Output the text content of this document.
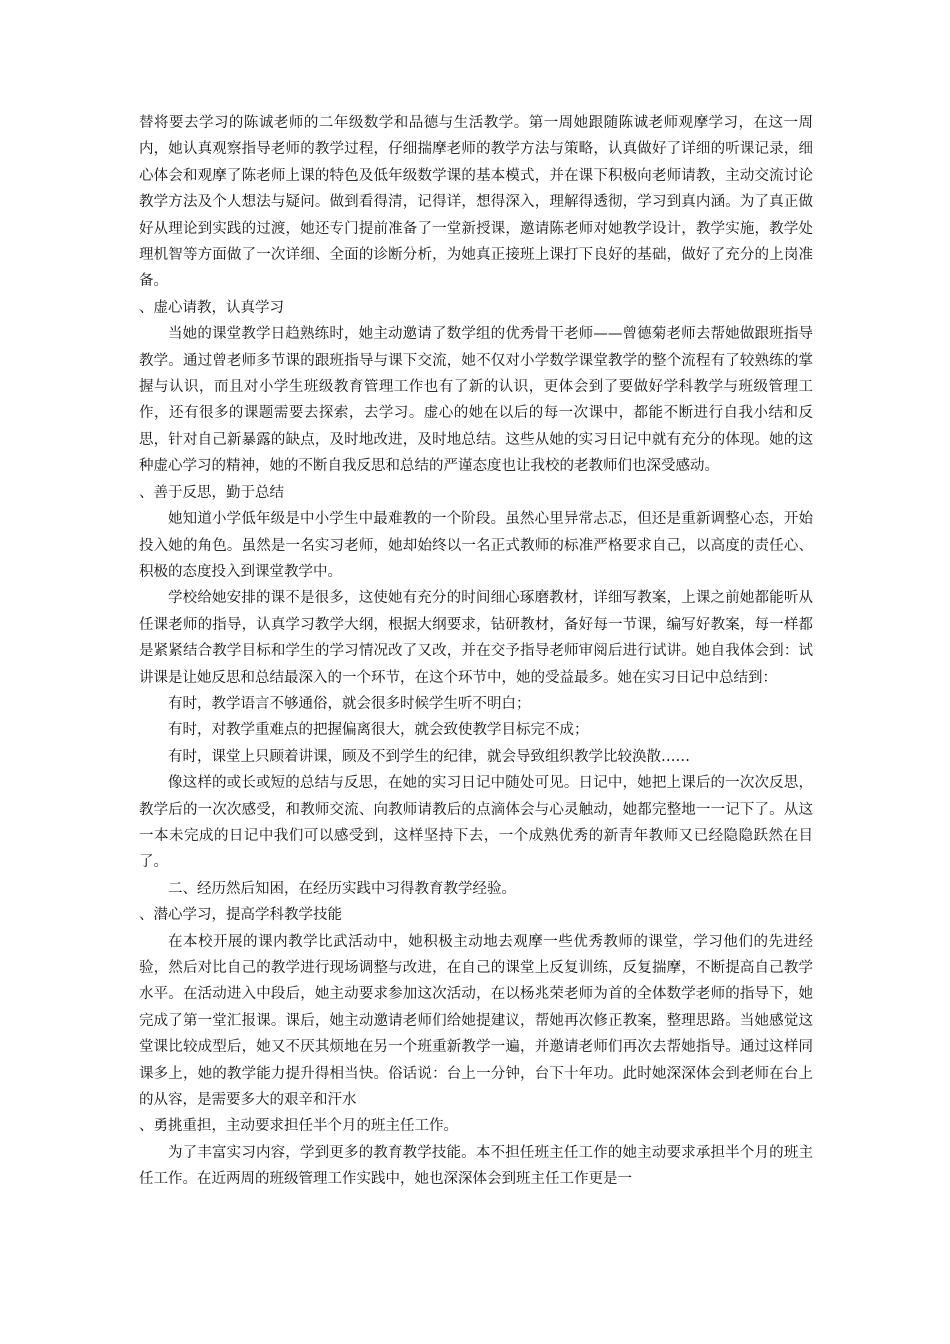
替将要去学习的陈诚老师的二年级数学和品德与生活教学。第一周她跟随陈诚老师观摩学习，在这一周内，她认真观察指导老师的教学过程，仔细揣摩老师的教学方法与策略，认真做好了详细的听课记录，细心体会和观摩了陈老师上课的特色及低年级数学课的基本模式，并在课下积极向老师请教，主动交流讨论教学方法及个人想法与疑问。做到看得清，记得详，想得深入，理解得透彻，学习到真内涵。为了真正做好从理论到实践的过渡，她还专门提前准备了一堂新授课，邀请陈老师对她教学设计，教学实施，教学处理机智等方面做了一次详细、全面的诊断分析，为她真正接班上课打下良好的基础，做好了充分的上岗准备。

、虚心请教，认真学习

当她的课堂教学日趋熟练时，她主动邀请了数学组的优秀骨干老师——曾德菊老师去帮她做跟班指导教学。通过曾老师多节课的跟班指导与课下交流，她不仅对小学数学课堂教学的整个流程有了较熟练的掌握与认识，而且对小学生班级教育管理工作也有了新的认识，更体会到了要做好学科教学与班级管理工作，还有很多的课题需要去探索，去学习。虚心的她在以后的每一次课中，都能不断进行自我小结和反思，针对自己新暴露的缺点，及时地改进，及时地总结。这些从她的实习日记中就有充分的体现。她的这种虚心学习的精神，她的不断自我反思和总结的严谨态度也让我校的老教师们也深受感动。

、善于反思，勤于总结

她知道小学低年级是中小学生中最难教的一个阶段。虽然心里异常忐忑，但还是重新调整心态，开始投入她的角色。虽然是一名实习老师，她却始终以一名正式教师的标准严格要求自己，以高度的责任心、积极的态度投入到课堂教学中。

学校给她安排的课不是很多，这使她有充分的时间细心琢磨教材，详细写教案，上课之前她都能听从任课老师的指导，认真学习教学大纲，根据大纲要求，钻研教材，备好每一节课，编写好教案，每一样都是紧紧结合教学目标和学生的学习情况改了又改，并在交予指导老师审阅后进行试讲。她自我体会到：试讲课是让她反思和总结最深入的一个环节，在这个环节中，她的受益最多。她在实习日记中总结到：

有时，教学语言不够通俗，就会很多时候学生听不明白；

有时，对教学重难点的把握偏离很大，就会致使教学目标完不成；

有时，课堂上只顾着讲课，顾及不到学生的纪律，就会导致组织教学比较涣散……

像这样的或长或短的总结与反思，在她的实习日记中随处可见。日记中，她把上课后的一次次反思，教学后的一次次感受，和教师交流、向教师请教后的点滴体会与心灵触动，她都完整地一一记下了。从这一本未完成的日记中我们可以感受到，这样坚持下去，一个成熟优秀的新青年教师又已经隐隐跃然在目了。

二、经历然后知困，在经历实践中习得教育教学经验。

、潜心学习，提高学科教学技能

在本校开展的课内教学比武活动中，她积极主动地去观摩一些优秀教师的课堂，学习他们的先进经验，然后对比自己的教学进行现场调整与改进，在自己的课堂上反复训练，反复揣摩，不断提高自己教学水平。在活动进入中段后，她主动要求参加这次活动，在以杨兆荣老师为首的全体数学老师的指导下，她完成了第一堂汇报课。课后，她主动邀请老师们给她提建议，帮她再次修正教案，整理思路。当她感觉这堂课比较成型后，她又不厌其烦地在另一个班重新教学一遍，并邀请老师们再次去帮她指导。通过这样同课多上，她的教学能力提升得相当快。俗话说：台上一分钟，台下十年功。此时她深深体会到老师在台上的从容，是需要多大的艰辛和汗水

、勇挑重担，主动要求担任半个月的班主任工作。

为了丰富实习内容，学到更多的教育教学技能。本不担任班主任工作的她主动要求承担半个月的班主任工作。在近两周的班级管理工作实践中，她也深深体会到班主任工作更是一
